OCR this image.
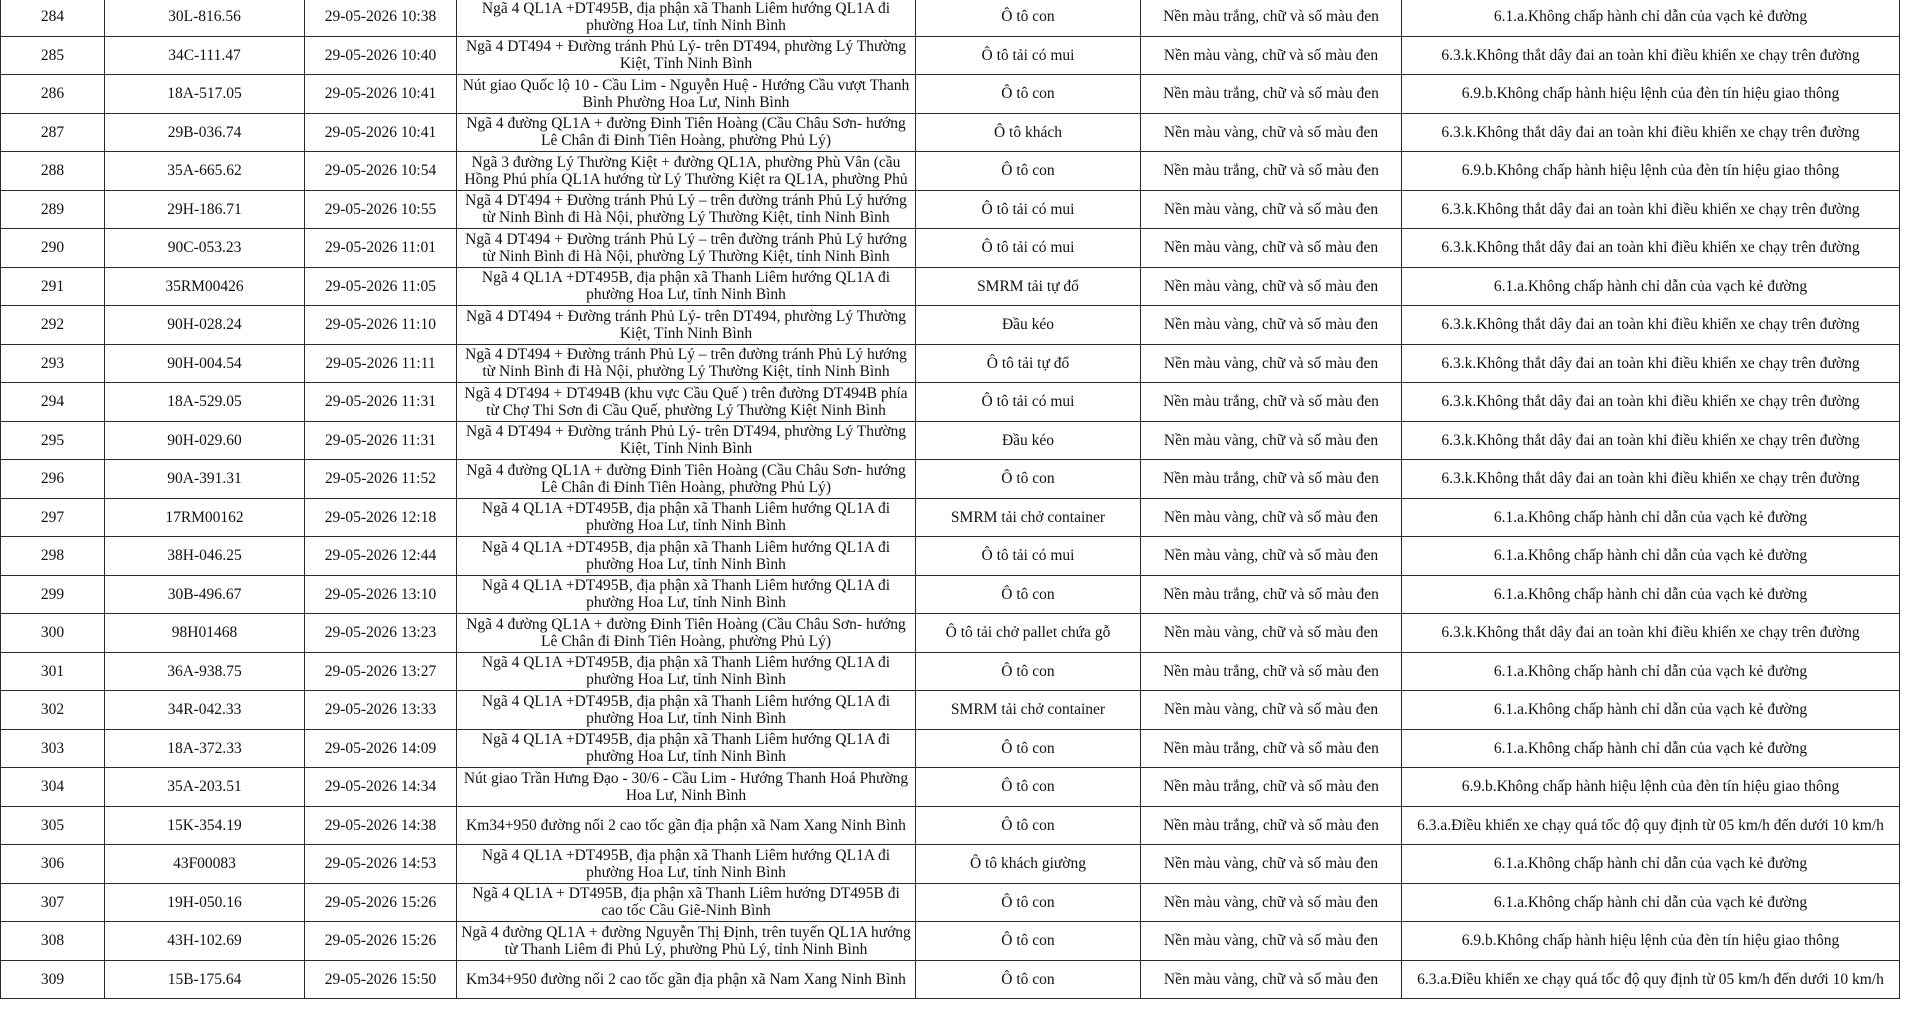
284	30L-816.56	29-05-2026 10:38	Ngã 4 QL1A +DT495B, địa phận xã Thanh Liêm hướng QL1A đi phường Hoa Lư, tỉnh Ninh Bình	Ô tô con	Nền màu trắng, chữ và số màu đen	6.1.a.Không chấp hành chỉ dẫn của vạch kẻ đường
285	34C-111.47	29-05-2026 10:40	Ngã 4 DT494 + Đường tránh Phủ Lý- trên DT494, phường Lý Thường Kiệt, Tỉnh Ninh Bình	Ô tô tải có mui	Nền màu vàng, chữ và số màu đen	6.3.k.Không thắt dây đai an toàn khi điều khiển xe chạy trên đường
286	18A-517.05	29-05-2026 10:41	Nút giao Quốc lộ 10 - Cầu Lim - Nguyễn Huệ - Hướng Cầu vượt Thanh Bình Phường Hoa Lư, Ninh Bình	Ô tô con	Nền màu trắng, chữ và số màu đen	6.9.b.Không chấp hành hiệu lệnh của đèn tín hiệu giao thông
287	29B-036.74	29-05-2026 10:41	Ngã 4 đường QL1A + đường Đinh Tiên Hoàng (Cầu Châu Sơn- hướng Lê Chân đi Đinh Tiên Hoàng, phường Phủ Lý)	Ô tô khách	Nền màu vàng, chữ và số màu đen	6.3.k.Không thắt dây đai an toàn khi điều khiển xe chạy trên đường
288	35A-665.62	29-05-2026 10:54	Ngã 3 đường Lý Thường Kiệt + đường QL1A, phường Phù Vân (cầu Hồng Phú phía QL1A hướng từ Lý Thường Kiệt ra QL1A, phường Phủ	Ô tô con	Nền màu trắng, chữ và số màu đen	6.9.b.Không chấp hành hiệu lệnh của đèn tín hiệu giao thông
289	29H-186.71	29-05-2026 10:55	Ngã 4 DT494 + Đường tránh Phủ Lý – trên đường tránh Phủ Lý hướng từ Ninh Bình đi Hà Nội, phường Lý Thường Kiệt, tỉnh Ninh Bình	Ô tô tải có mui	Nền màu vàng, chữ và số màu đen	6.3.k.Không thắt dây đai an toàn khi điều khiển xe chạy trên đường
290	90C-053.23	29-05-2026 11:01	Ngã 4 DT494 + Đường tránh Phủ Lý – trên đường tránh Phủ Lý hướng từ Ninh Bình đi Hà Nội, phường Lý Thường Kiệt, tỉnh Ninh Bình	Ô tô tải có mui	Nền màu vàng, chữ và số màu đen	6.3.k.Không thắt dây đai an toàn khi điều khiển xe chạy trên đường
291	35RM00426	29-05-2026 11:05	Ngã 4 QL1A +DT495B, địa phận xã Thanh Liêm hướng QL1A đi phường Hoa Lư, tỉnh Ninh Bình	SMRM tải tự đổ	Nền màu vàng, chữ và số màu đen	6.1.a.Không chấp hành chỉ dẫn của vạch kẻ đường
292	90H-028.24	29-05-2026 11:10	Ngã 4 DT494 + Đường tránh Phủ Lý- trên DT494, phường Lý Thường Kiệt, Tỉnh Ninh Bình	Đầu kéo	Nền màu vàng, chữ và số màu đen	6.3.k.Không thắt dây đai an toàn khi điều khiển xe chạy trên đường
293	90H-004.54	29-05-2026 11:11	Ngã 4 DT494 + Đường tránh Phủ Lý – trên đường tránh Phủ Lý hướng từ Ninh Bình đi Hà Nội, phường Lý Thường Kiệt, tỉnh Ninh Bình	Ô tô tải tự đổ	Nền màu vàng, chữ và số màu đen	6.3.k.Không thắt dây đai an toàn khi điều khiển xe chạy trên đường
294	18A-529.05	29-05-2026 11:31	Ngã 4 DT494 + DT494B (khu vực Cầu Quế ) trên đường DT494B phía từ Chợ Thi Sơn đi Cầu Quế, phường Lý Thường Kiệt Ninh Bình	Ô tô tải có mui	Nền màu trắng, chữ và số màu đen	6.3.k.Không thắt dây đai an toàn khi điều khiển xe chạy trên đường
295	90H-029.60	29-05-2026 11:31	Ngã 4 DT494 + Đường tránh Phủ Lý- trên DT494, phường Lý Thường Kiệt, Tỉnh Ninh Bình	Đầu kéo	Nền màu vàng, chữ và số màu đen	6.3.k.Không thắt dây đai an toàn khi điều khiển xe chạy trên đường
296	90A-391.31	29-05-2026 11:52	Ngã 4 đường QL1A + đường Đinh Tiên Hoàng (Cầu Châu Sơn- hướng Lê Chân đi Đinh Tiên Hoàng, phường Phủ Lý)	Ô tô con	Nền màu trắng, chữ và số màu đen	6.3.k.Không thắt dây đai an toàn khi điều khiển xe chạy trên đường
297	17RM00162	29-05-2026 12:18	Ngã 4 QL1A +DT495B, địa phận xã Thanh Liêm hướng QL1A đi phường Hoa Lư, tỉnh Ninh Bình	SMRM tải chở container	Nền màu vàng, chữ và số màu đen	6.1.a.Không chấp hành chỉ dẫn của vạch kẻ đường
298	38H-046.25	29-05-2026 12:44	Ngã 4 QL1A +DT495B, địa phận xã Thanh Liêm hướng QL1A đi phường Hoa Lư, tỉnh Ninh Bình	Ô tô tải có mui	Nền màu vàng, chữ và số màu đen	6.1.a.Không chấp hành chỉ dẫn của vạch kẻ đường
299	30B-496.67	29-05-2026 13:10	Ngã 4 QL1A +DT495B, địa phận xã Thanh Liêm hướng QL1A đi phường Hoa Lư, tỉnh Ninh Bình	Ô tô con	Nền màu trắng, chữ và số màu đen	6.1.a.Không chấp hành chỉ dẫn của vạch kẻ đường
300	98H01468	29-05-2026 13:23	Ngã 4 đường QL1A + đường Đinh Tiên Hoàng (Cầu Châu Sơn- hướng Lê Chân đi Đinh Tiên Hoàng, phường Phủ Lý)	Ô tô tải chở pallet chứa gỗ	Nền màu vàng, chữ và số màu đen	6.3.k.Không thắt dây đai an toàn khi điều khiển xe chạy trên đường
301	36A-938.75	29-05-2026 13:27	Ngã 4 QL1A +DT495B, địa phận xã Thanh Liêm hướng QL1A đi phường Hoa Lư, tỉnh Ninh Bình	Ô tô con	Nền màu trắng, chữ và số màu đen	6.1.a.Không chấp hành chỉ dẫn của vạch kẻ đường
302	34R-042.33	29-05-2026 13:33	Ngã 4 QL1A +DT495B, địa phận xã Thanh Liêm hướng QL1A đi phường Hoa Lư, tỉnh Ninh Bình	SMRM tải chở container	Nền màu vàng, chữ và số màu đen	6.1.a.Không chấp hành chỉ dẫn của vạch kẻ đường
303	18A-372.33	29-05-2026 14:09	Ngã 4 QL1A +DT495B, địa phận xã Thanh Liêm hướng QL1A đi phường Hoa Lư, tỉnh Ninh Bình	Ô tô con	Nền màu trắng, chữ và số màu đen	6.1.a.Không chấp hành chỉ dẫn của vạch kẻ đường
304	35A-203.51	29-05-2026 14:34	Nút giao Trần Hưng Đạo - 30/6 - Cầu Lim - Hướng Thanh Hoá Phường Hoa Lư, Ninh Bình	Ô tô con	Nền màu trắng, chữ và số màu đen	6.9.b.Không chấp hành hiệu lệnh của đèn tín hiệu giao thông
305	15K-354.19	29-05-2026 14:38	Km34+950 đường nối 2 cao tốc gần địa phận xã Nam Xang Ninh Bình	Ô tô con	Nền màu trắng, chữ và số màu đen	6.3.a.Điều khiển xe chạy quá tốc độ quy định từ 05 km/h đến dưới 10 km/h
306	43F00083	29-05-2026 14:53	Ngã 4 QL1A +DT495B, địa phận xã Thanh Liêm hướng QL1A đi phường Hoa Lư, tỉnh Ninh Bình	Ô tô khách giường	Nền màu vàng, chữ và số màu đen	6.1.a.Không chấp hành chỉ dẫn của vạch kẻ đường
307	19H-050.16	29-05-2026 15:26	Ngã 4 QL1A + DT495B, địa phận xã Thanh Liêm hướng DT495B đi cao tốc Cầu Giẽ-Ninh Bình	Ô tô con	Nền màu vàng, chữ và số màu đen	6.1.a.Không chấp hành chỉ dẫn của vạch kẻ đường
308	43H-102.69	29-05-2026 15:26	Ngã 4 đường QL1A + đường Nguyễn Thị Định, trên tuyến QL1A hướng từ Thanh Liêm đi Phủ Lý, phường Phủ Lý, tỉnh Ninh Bình	Ô tô con	Nền màu vàng, chữ và số màu đen	6.9.b.Không chấp hành hiệu lệnh của đèn tín hiệu giao thông
309	15B-175.64	29-05-2026 15:50	Km34+950 đường nối 2 cao tốc gần địa phận xã Nam Xang Ninh Bình	Ô tô con	Nền màu vàng, chữ và số màu đen	6.3.a.Điều khiển xe chạy quá tốc độ quy định từ 05 km/h đến dưới 10 km/h
